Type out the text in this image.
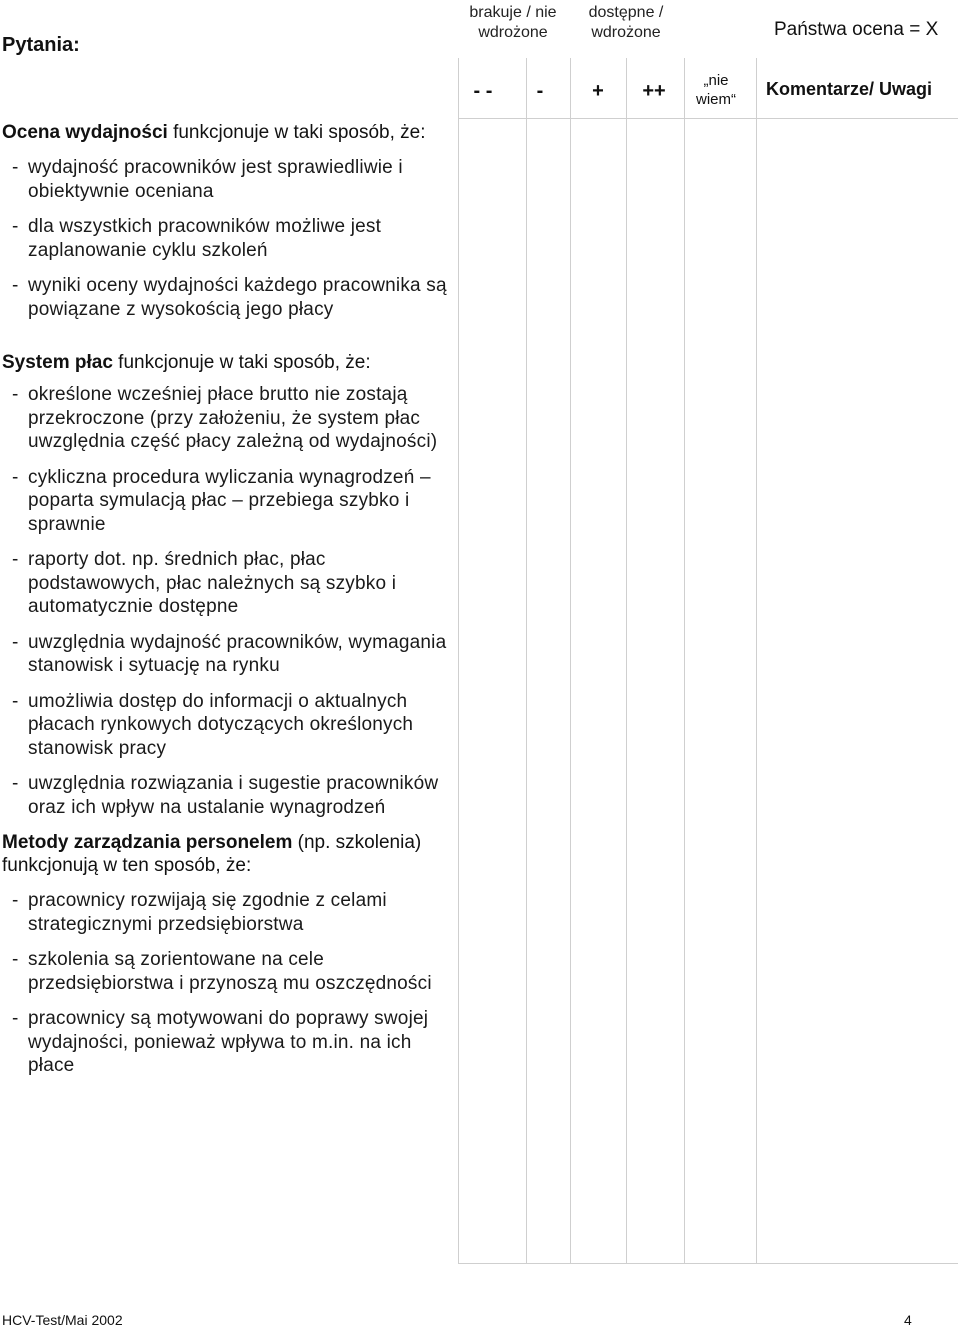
Pytania:
brakuje / nie wdrożone
dostępne / wdrożone	Państwa ocena = X
- -	-	+	++	„nie wiem“
Komentarze/ Uwagi

Ocena wydajności funkcjonuje w taki sposób, że:

- wydajność pracowników jest sprawiedliwie i obiektywnie oceniana
- dla wszystkich pracowników możliwe jest zaplanowanie cyklu szkoleń
- wyniki oceny wydajności każdego pracownika są powiązane z wysokością jego płacy

System płac funkcjonuje w taki sposób, że:

- określone wcześniej płace brutto nie zostają przekroczone (przy założeniu, że system płac uwzględnia część płacy zależną od wydajności)
- cykliczna procedura wyliczania wynagrodzeń – poparta symulacją płac – przebiega szybko i sprawnie
- raporty dot. np. średnich płac, płac podstawowych, płac należnych są szybko i automatycznie dostępne
- uwzględnia wydajność pracowników, wymagania stanowisk i sytuację na rynku
- umożliwia dostęp do informacji o aktualnych płacach rynkowych dotyczących określonych stanowisk pracy
- uwzględnia rozwiązania i sugestie pracowników oraz ich wpływ na ustalanie wynagrodzeń

Metody zarządzania personelem (np. szkolenia) funkcjonują w ten sposób, że:

- pracownicy rozwijają się zgodnie z celami strategicznymi przedsiębiorstwa
- szkolenia są zorientowane na cele przedsiębiorstwa i przynoszą mu oszczędności
- pracownicy są motywowani do poprawy swojej wydajności, ponieważ wpływa to m.in. na ich płace
HCV-Test/Mai 2002	4
